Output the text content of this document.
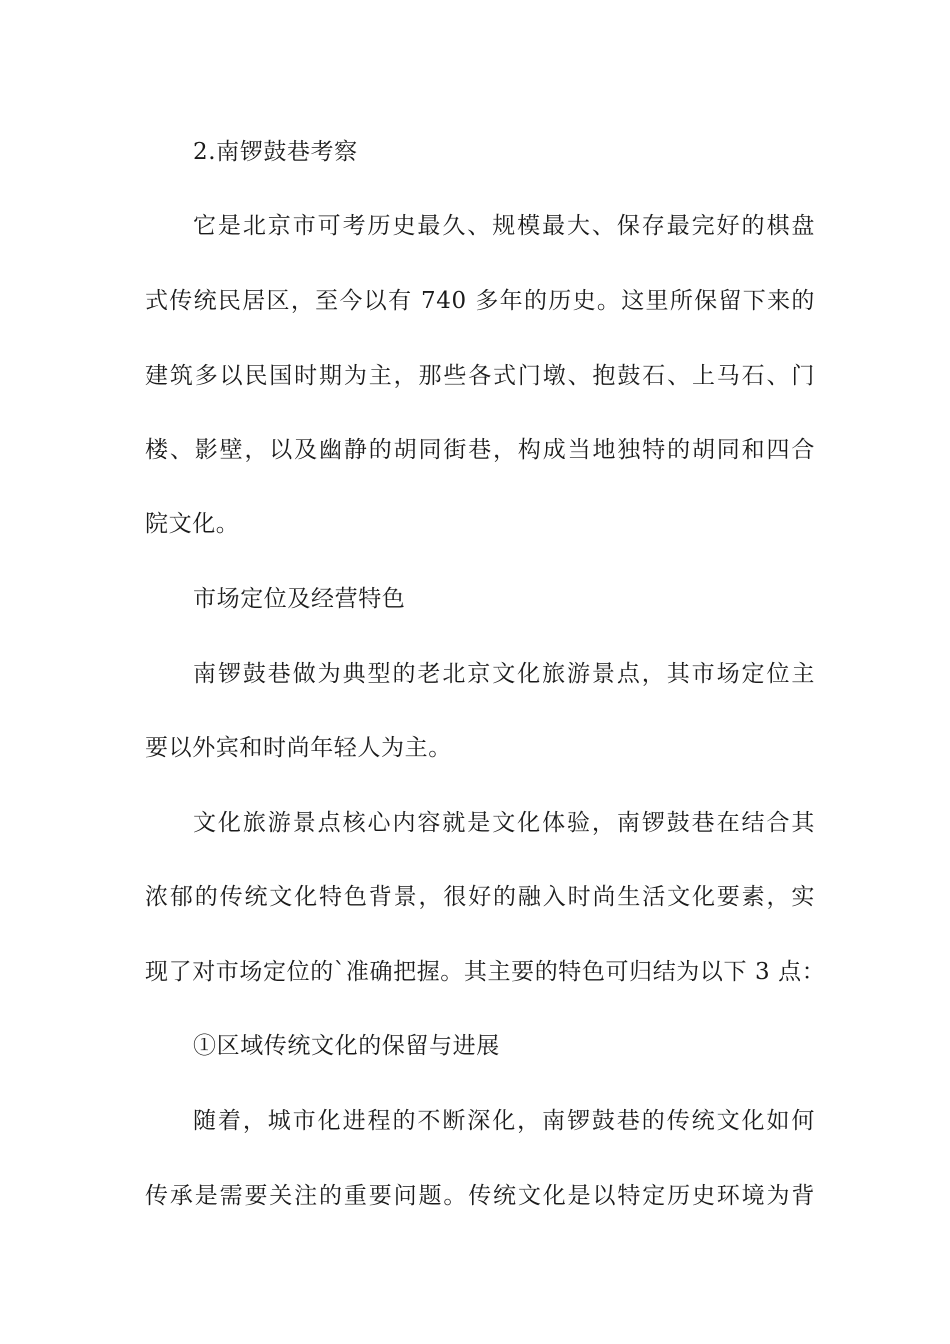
2.南锣鼓巷考察
它是北京市可考历史最久、规模最大、保存最完好的棋盘
式传统民居区，至今以有 740 多年的历史。这里所保留下来的
建筑多以民国时期为主，那些各式门墩、抱鼓石、上马石、门
楼、影壁，以及幽静的胡同街巷，构成当地独特的胡同和四合
院文化。
市场定位及经营特色
南锣鼓巷做为典型的老北京文化旅游景点，其市场定位主
要以外宾和时尚年轻人为主。
文化旅游景点核心内容就是文化体验，南锣鼓巷在结合其
浓郁的传统文化特色背景，很好的融入时尚生活文化要素，实
现了对市场定位的`准确把握。其主要的特色可归结为以下 3 点：
①区域传统文化的保留与进展
随着，城市化进程的不断深化，南锣鼓巷的传统文化如何
传承是需要关注的重要问题。传统文化是以特定历史环境为背
